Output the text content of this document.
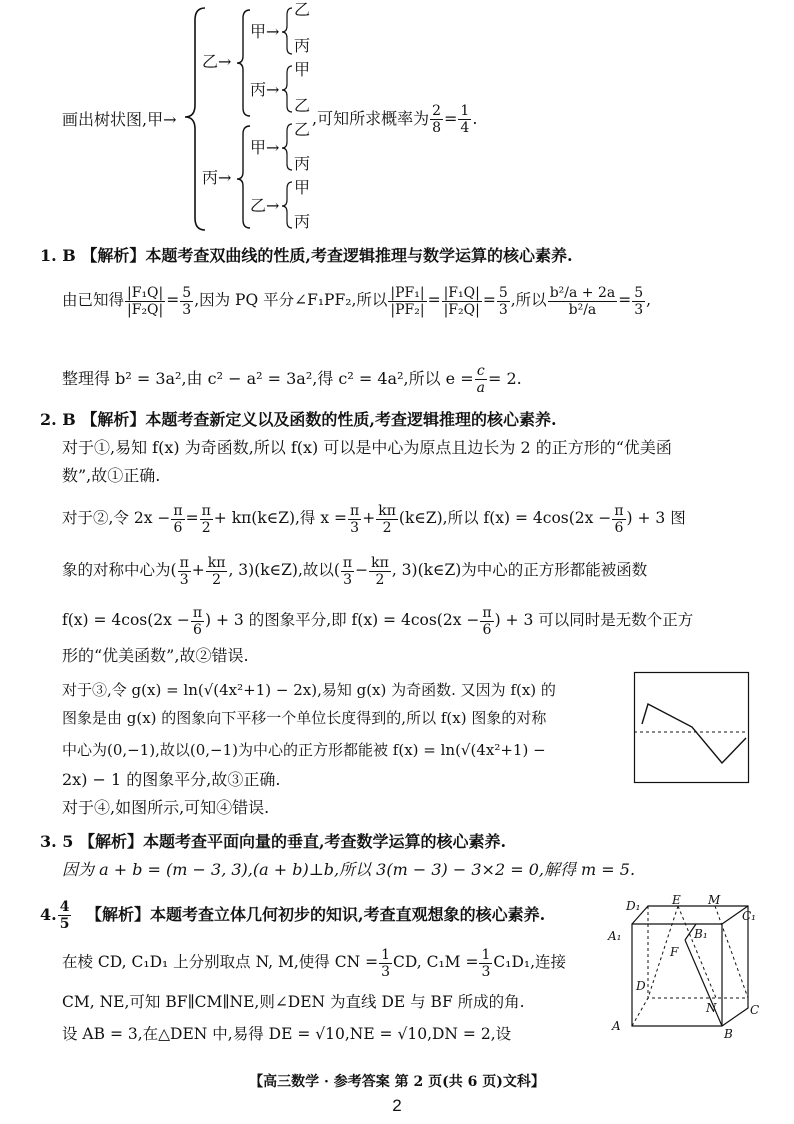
画出树状图,甲→
乙→
丙→
甲→
丙→
甲→
乙→
乙
丙
甲
乙
乙
丙
甲
丙
,可知所求概率为 $\frac{2}{8} = \frac{1}{4}$ .
1. B 【解析】本题考查双曲线的性质,考查逻辑推理与数学运算的核心素养.
由已知得 $\frac{\text{|F₁Q|}}{\text{|F₂Q|}} = \frac{5}{3}$ ,因为 PQ 平分∠F₁PF₂,所以 $\frac{\text{|PF₁|}}{\text{|PF₂|}} = \frac{\text{|F₁Q|}}{\text{|F₂Q|}} = \frac{5}{3}$ ,所以 $\frac{\text{b²/a + 2a}}{\text{b²/a}} = \frac{5}{3}$ ,
整理得 b² = 3a²,由 c² − a² = 3a²,得 c² = 4a²,所以 $e = \frac{c}{a} = 2$.
2. B 【解析】本题考查新定义以及函数的性质,考查逻辑推理的核心素养.
对于①,易知 f(x) 为奇函数,所以 f(x) 可以是中心为原点且边长为 2 的正方形的“优美函
数”,故①正确.
对于②,令 $2x - \frac{\pi}{6} = \frac{\pi}{2}$ + kπ(k∈Z),得 $x = \frac{\pi}{3} + \frac{k\pi}{2}$ (k∈Z),所以 $f(x) = 4\cos(2x - \frac{\pi}{6}$ ) + 3 图
象的对称中心为( $\frac{\pi}{3} + \frac{k\pi}{2}$ , 3)(k∈Z),故以( $\frac{\pi}{3} - \frac{k\pi}{2}$ , 3)(k∈Z)为中心的正方形都能被函数
$f(x) = 4\cos(2x - \frac{\pi}{6}$ ) + 3 的图象平分,即 $f(x) = 4\cos(2x - \frac{\pi}{6}$ ) + 3 可以同时是无数个正方
形的“优美函数”,故②错误.
对于③,令 g(x) = ln(√(4x²+1) − 2x),易知 g(x) 为奇函数. 又因为 f(x) 的
图象是由 g(x) 的图象向下平移一个单位长度得到的,所以 f(x) 图象的对称
中心为(0,−1),故以(0,−1)为中心的正方形都能被 f(x) = ln(√(4x²+1) −
2x) − 1 的图象平分,故③正确.
对于④,如图所示,可知④错误.
3. 5 【解析】本题考查平面向量的垂直,考查数学运算的核心素养.
因为 a + b = (m − 3, 3),(a + b)⊥b,所以 3(m − 3) − 3×2 = 0,解得 m = 5.
4. $\frac{4}{5}$ 【解析】本题考查立体几何初步的知识,考查直观想象的核心素养.
在棱 CD, C₁D₁ 上分别取点 N, M,使得 CN = $\frac{1}{3}$ CD, $C_1M = \frac{1}{3} C_1D_1$,连接
CM, NE,可知 BF∥CM∥NE,则∠DEN 为直线 DE 与 BF 所成的角.
设 AB = 3,在△DEN 中,易得 DE = √10,NE = √10,DN = 2,设
D₁	E M
C₁
A₁	B₁
F
D
N	C
A
B
【高三数学 · 参考答案 第 2 页(共 6 页)文科】
2
